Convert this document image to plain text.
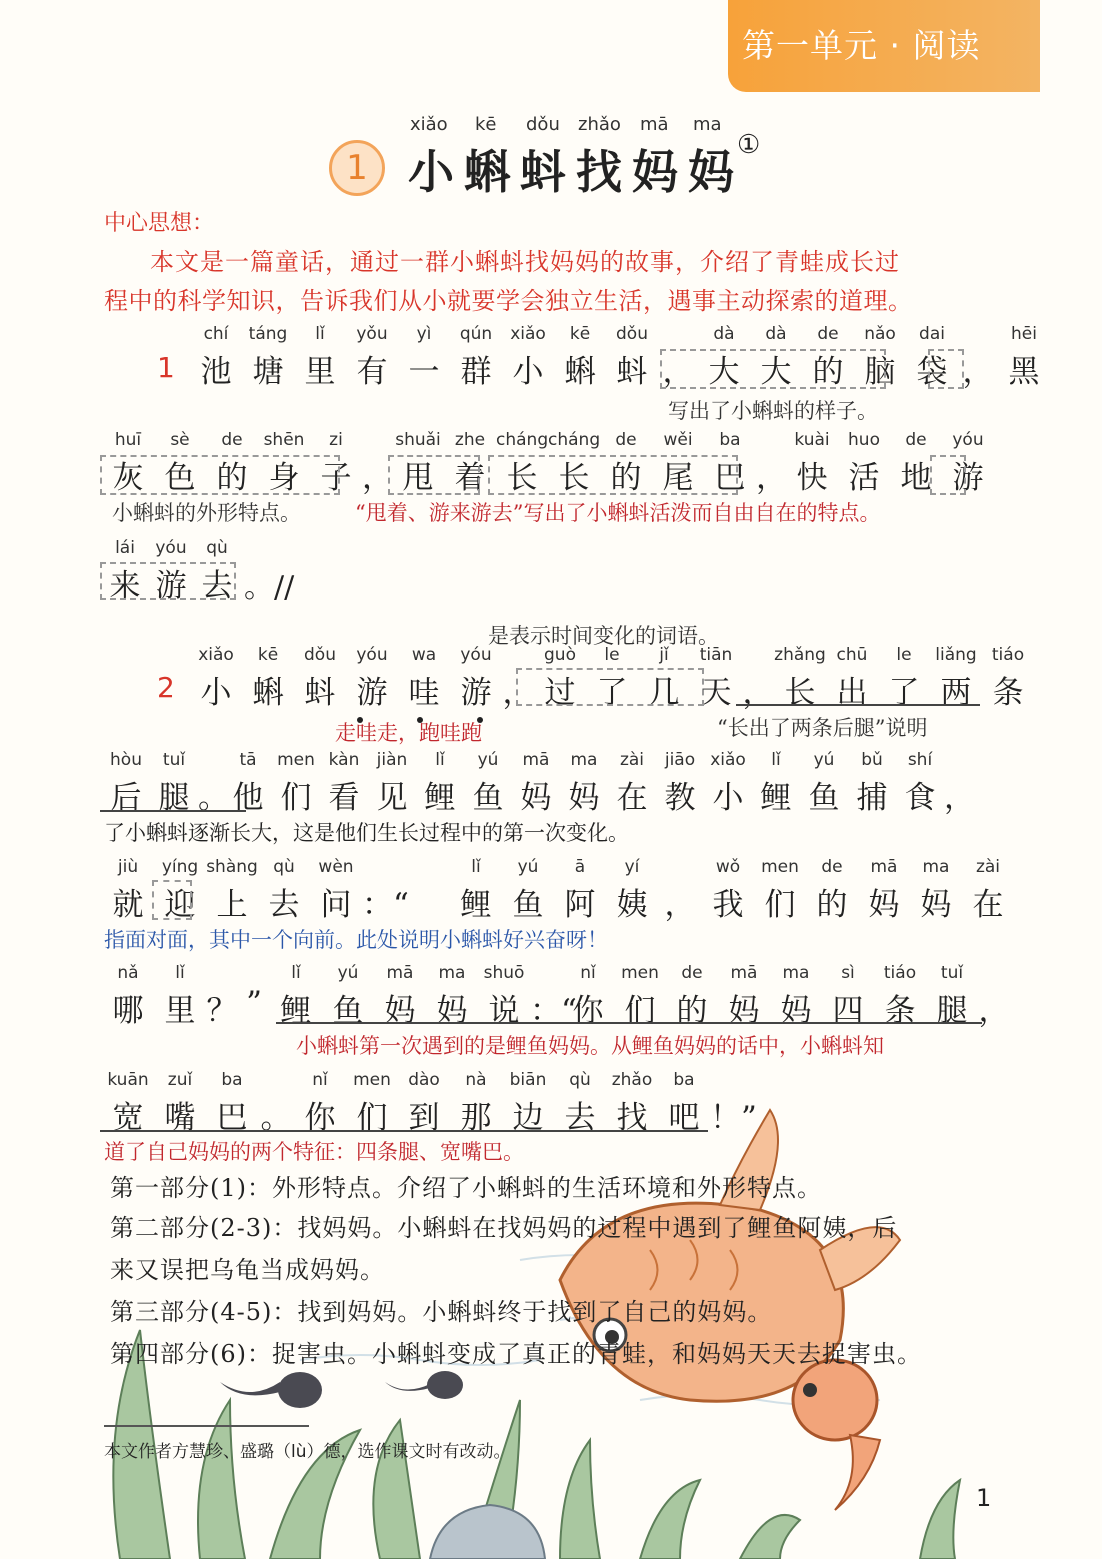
第一单元 · 阅读
xiǎo kē dǒu zhǎo mā ma
1 小蝌蚪找妈妈
①
中心思想：
本文是一篇童话，通过一群小蝌蚪找妈妈的故事，介绍了青蛙成长过
程中的科学知识，告诉我们从小就要学会独立生活，遇事主动探索的道理。
1
chí
池
táng
塘
lǐ
里
yǒu
有
yì
一
qún
群
xiǎo
小
kē
蝌
dǒu
蚪 ，
dà
大
dà
大
de
的
nǎo
脑
dai
袋 ，
hēi
黑
写出了小蝌蚪的样子。
huī
灰
sè
色
de
的
shēn
身
zi
子 ，
shuǎi
甩
zhe
着
cháng
长
cháng
长
de
的
wěi
尾
ba
巴 ，
kuài
快
huo
活
de
地
yóu
游
小蝌蚪的外形特点。	“甩着、游来游去”写出了小蝌蚪活泼而自由自在的特点。
lái
来
yóu
游
qù
去 。//
是表示时间变化的词语。
2
xiǎo
小
kē
蝌
dǒu
蚪
yóu
游
wa
哇
yóu
游 ，
guò
过
le
了
jǐ
几
tiān
天 ，
zhǎng
长
chū
出
le
了
liǎng
两
tiáo
条
走哇走，跑哇跑	“长出了两条后腿”说明
hòu
后
tuǐ
腿 。
tā
他
men
们
kàn
看
jiàn
见
lǐ
鲤
yú
鱼
mā
妈
ma
妈
zài
在
jiāo
教
xiǎo
小
lǐ
鲤
yú
鱼
bǔ
捕
shí
食 ，
了小蝌蚪逐渐长大，这是他们生长过程中的第一次变化。
jiù
就
yíng
迎
shàng
上
qù
去
wèn
问 ：“
lǐ
鲤
yú
鱼
ā
阿
yí
姨 ，
wǒ
我
men
们
de
的
mā
妈
ma
妈
zài
在
指面对面，其中一个向前。此处说明小蝌蚪好兴奋呀！
nǎ
哪
lǐ
里 ？ ”
lǐ
鲤
yú
鱼
mā
妈
ma
妈
shuō
说 ：“
nǐ
你
men
们
de
的
mā
妈
ma
妈
sì
四
tiáo
条
tuǐ
腿 ，
小蝌蚪第一次遇到的是鲤鱼妈妈。从鲤鱼妈妈的话中，小蝌蚪知
kuān
宽
zuǐ
嘴
ba
巴 。
nǐ
你
men
们
dào
到
nà
那
biān
边
qù
去
zhǎo
找
ba
吧 ！”
道了自己妈妈的两个特征：四条腿、宽嘴巴。
第一部分(1)：外形特点。介绍了小蝌蚪的生活环境和外形特点。
第二部分(2-3)：找妈妈。小蝌蚪在找妈妈的过程中遇到了鲤鱼阿姨，后
来又误把乌龟当成妈妈。
第三部分(4-5)：找到妈妈。小蝌蚪终于找到了自己的妈妈。
第四部分(6)：捉害虫。小蝌蚪变成了真正的青蛙，和妈妈天天去捉害虫。
本文作者方慧珍、盛璐（lù）德，选作课文时有改动。
1
